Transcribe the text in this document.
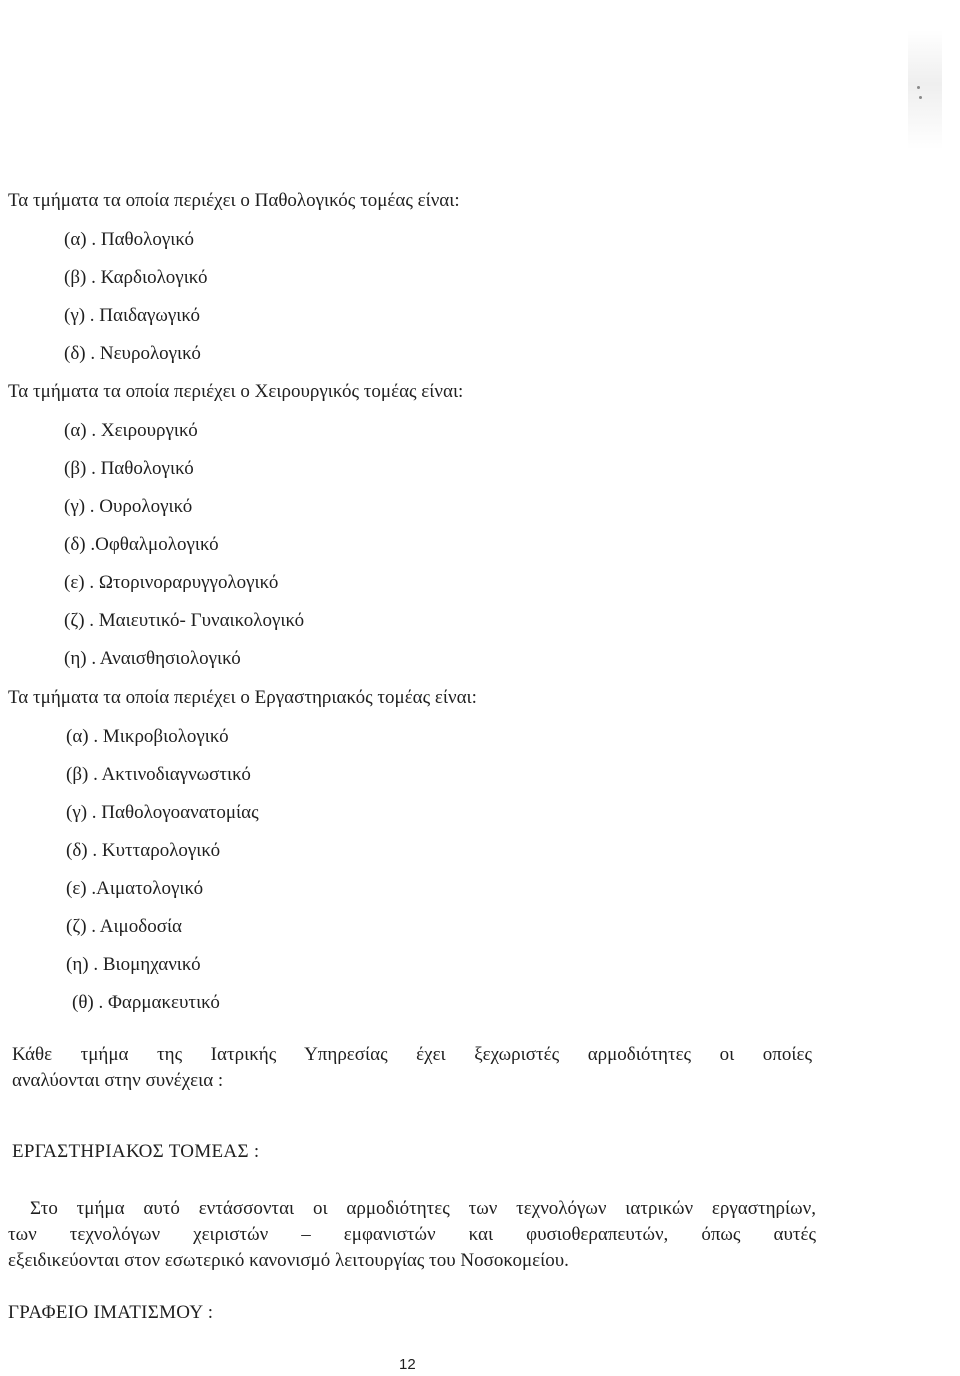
Τα τμήματα τα οποία περιέχει ο Παθολογικός τομέας είναι:
(α) . Παθολογικό
(β) . Καρδιολογικό
(γ) . Παιδαγωγικό
(δ) . Νευρολογικό
Τα τμήματα τα οποία περιέχει ο Χειρουργικός τομέας είναι:
(α) . Χειρουργικό
(β) . Παθολογικό
(γ) . Ουρολογικό
(δ) .Οφθαλμολογικό
(ε) . Ωτορινοραρυγγολογικό
(ζ) . Μαιευτικό- Γυναικολογικό
(η) . Αναισθησιολογικό
Τα τμήματα τα οποία περιέχει ο Εργαστηριακός τομέας είναι:
(α) . Μικροβιολογικό
(β) . Ακτινοδιαγνωστικό
(γ) . Παθολογοανατομίας
(δ) . Κυτταρολογικό
(ε) .Αιματολογικό
(ζ) . Αιμοδοσία
(η) . Βιομηχανικό
(θ) . Φαρμακευτικό
Κάθε τμήμα της Ιατρικής Υπηρεσίας έχει ξεχωριστές αρμοδιότητες οι οποίες
αναλύονται στην συνέχεια :
ΕΡΓΑΣΤΗΡΙΑΚΟΣ ΤΟΜΕΑΣ :
Στο τμήμα αυτό εντάσσονται οι αρμοδιότητες των τεχνολόγων ιατρικών εργαστηρίων,
των τεχνολόγων χειριστών – εμφανιστών και φυσιοθεραπευτών, όπως αυτές
εξειδικεύονται στον εσωτερικό κανονισμό λειτουργίας του Νοσοκομείου.
ΓΡΑΦΕΙΟ ΙΜΑΤΙΣΜΟΥ :
12
